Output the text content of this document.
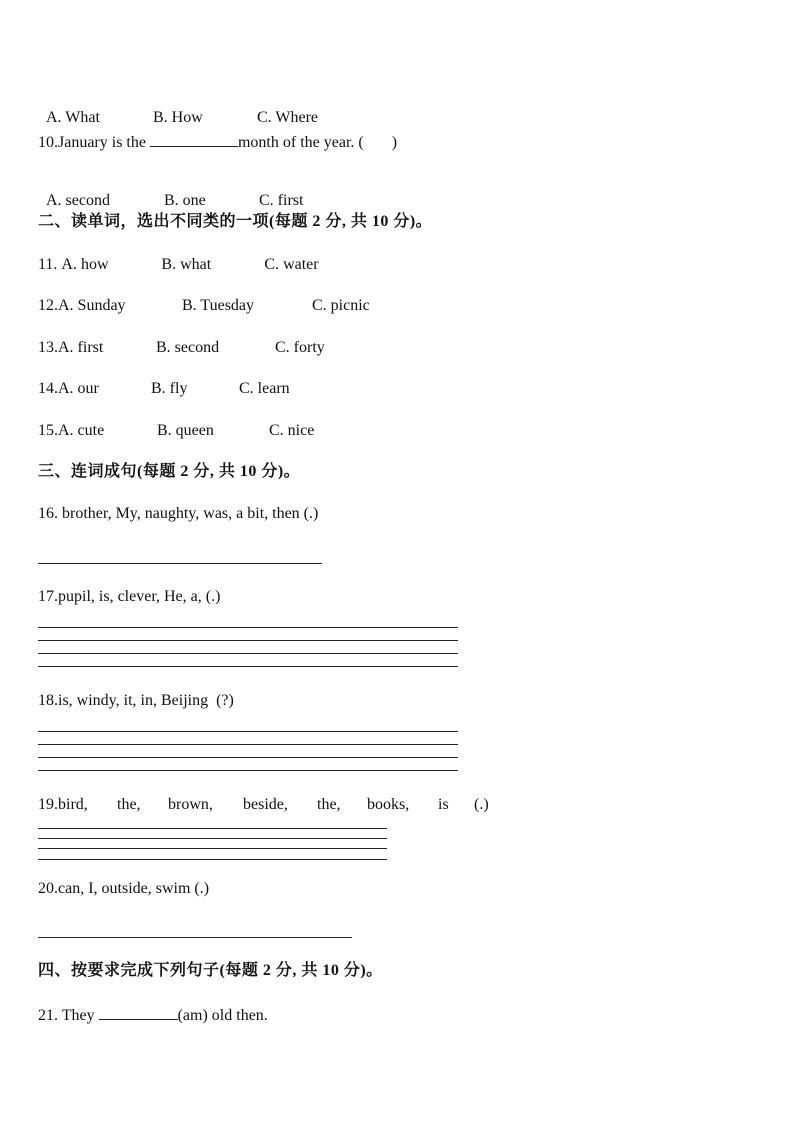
A. What	B. How	C. Where

10.January is the	month of the year. ( )

A. second	B. one	C. first

二、读单词，选出不同类的一项(每题 2 分, 共 10 分)。
11. A. how	B. what	C. water
12.A. Sunday	B. Tuesday	C. picnic
13.A. first	B. second	C. forty
14.A. our	B. fly	C. learn
15.A. cute	B. queen	C. nice
三、连词成句(每题 2 分, 共 10 分)。
16. brother, My, naughty, was, a bit, then (.)
17.pupil, is, clever, He, a, (.)
18.is, windy, it, in, Beijing  (?)
19.bird, the, brown, beside, the, books, is (.)
20.can, I, outside, swim (.)
四、按要求完成下列句子(每题 2 分, 共 10 分)。
21. They	(am) old then.
